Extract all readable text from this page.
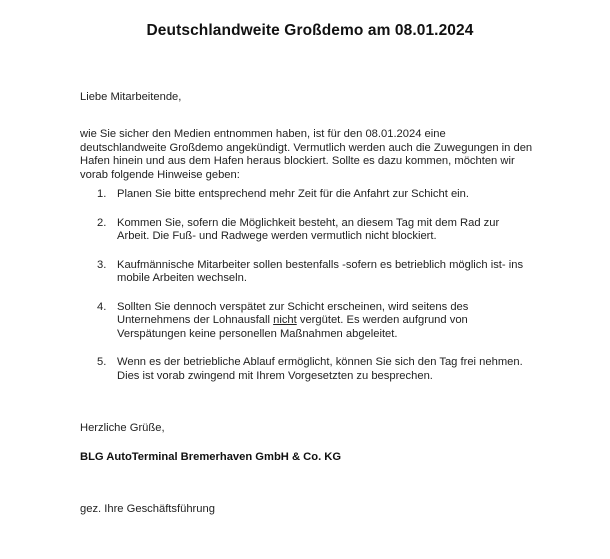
Deutschlandweite Großdemo am 08.01.2024
Liebe Mitarbeitende,
wie Sie sicher den Medien entnommen haben, ist für den 08.01.2024 eine
deutschlandweite Großdemo angekündigt. Vermutlich werden auch die Zuwegungen in den
Hafen hinein und aus dem Hafen heraus blockiert. Sollte es dazu kommen, möchten wir
vorab folgende Hinweise geben:
1. Planen Sie bitte entsprechend mehr Zeit für die Anfahrt zur Schicht ein.
2. Kommen Sie, sofern die Möglichkeit besteht, an diesem Tag mit dem Rad zur
Arbeit. Die Fuß- und Radwege werden vermutlich nicht blockiert.
3. Kaufmännische Mitarbeiter sollen bestenfalls -sofern es betrieblich möglich ist- ins
mobile Arbeiten wechseln.
4. Sollten Sie dennoch verspätet zur Schicht erscheinen, wird seitens des
Unternehmens der Lohnausfall nicht vergütet. Es werden aufgrund von
Verspätungen keine personellen Maßnahmen abgeleitet.
5. Wenn es der betriebliche Ablauf ermöglicht, können Sie sich den Tag frei nehmen.
Dies ist vorab zwingend mit Ihrem Vorgesetzten zu besprechen.
Herzliche Grüße,
BLG AutoTerminal Bremerhaven GmbH & Co. KG
gez. Ihre Geschäftsführung
